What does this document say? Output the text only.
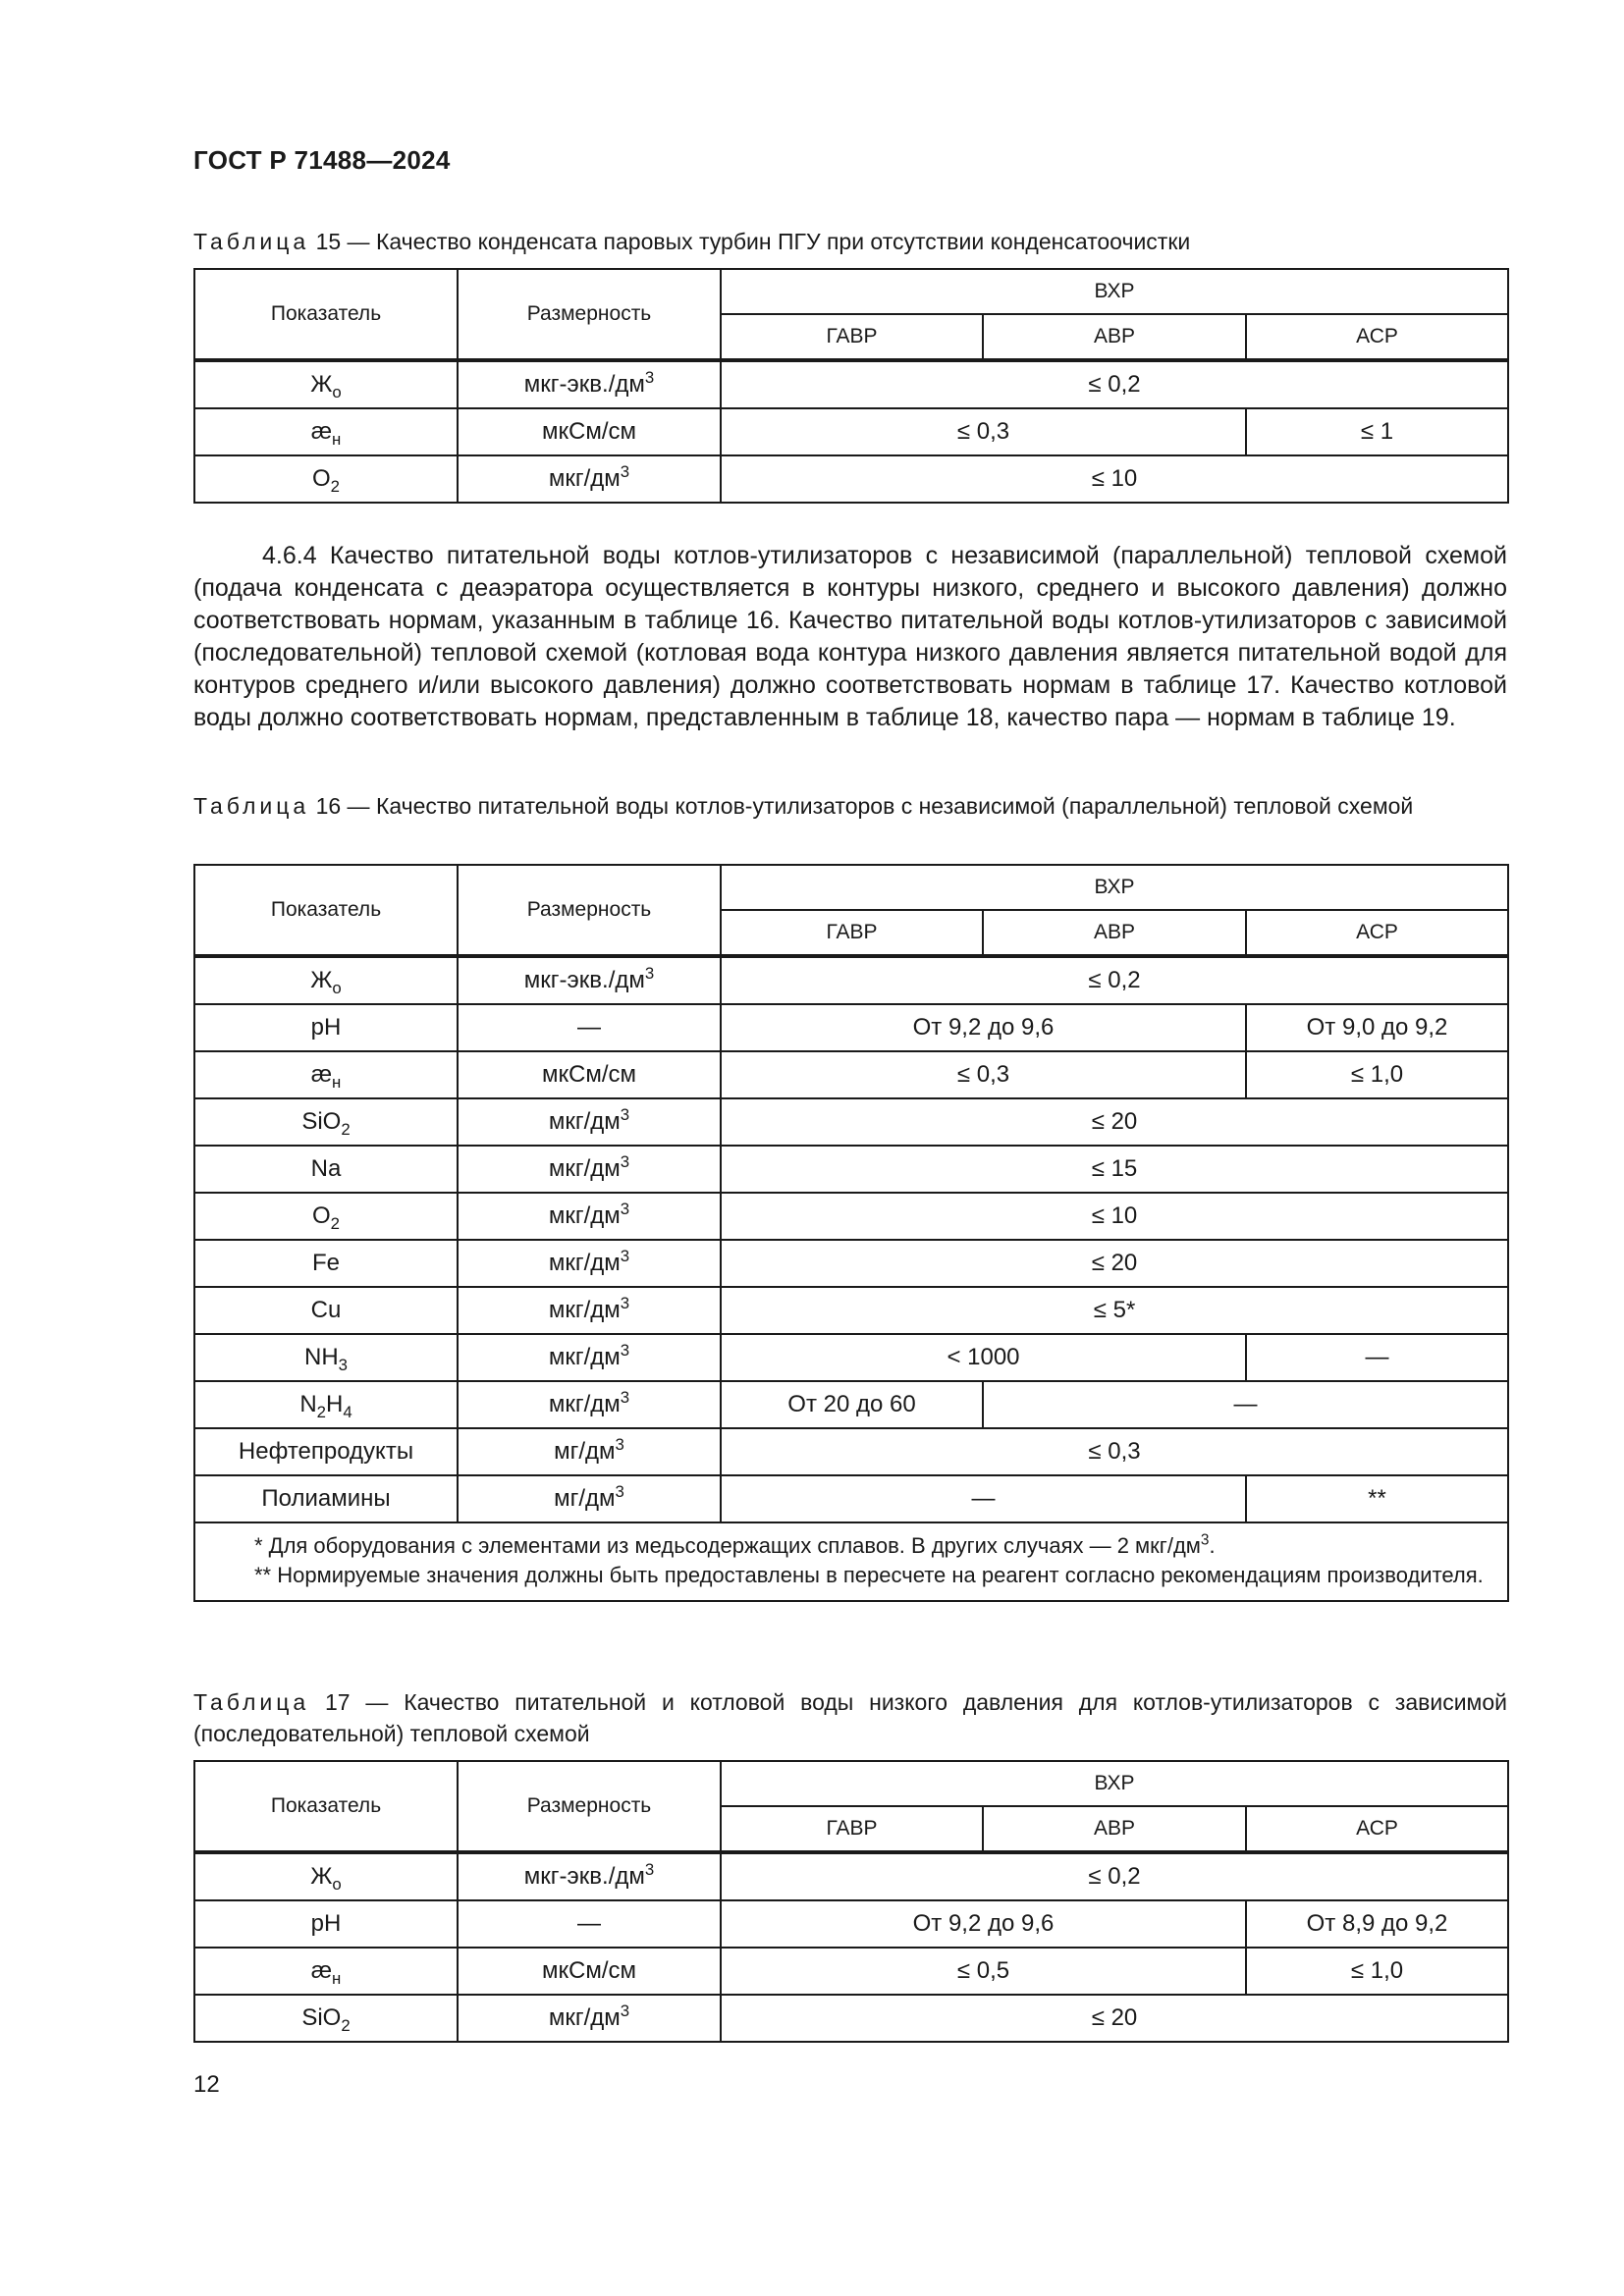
ГОСТ Р 71488—2024
Таблица 15 — Качество конденсата паровых турбин ПГУ при отсутствии конденсатоочистки
Показатель	Размерность	ВХР		
		ГАВР	АВР	АСР
$Ж_о$	мкг-$экв./дм^3$	≤ 0,2		
$æ_н$	мкСм/см	≤ 0,3		≤ 1
$O_2$	мкг/$дм^3$	≤ 10		
4.6.4 Качество питательной воды котлов-утилизаторов с независимой (параллельной) тепловой схемой (подача конденсата с деаэратора осуществляется в контуры низкого, среднего и высокого давления) должно соответствовать нормам, указанным в таблице 16. Качество питательной воды котлов-утилизаторов с зависимой (последовательной) тепловой схемой (котловая вода контура низкого давления является питательной водой для контуров среднего и/или высокого давления) должно соответствовать нормам в таблице 17. Качество котловой воды должно соответствовать нормам, представленным в таблице 18, качество пара — нормам в таблице 19.
Таблица 16 — Качество питательной воды котлов-утилизаторов с независимой (параллельной) тепловой схемой
Показатель	Размерность	ВХР		
		ГАВР	АВР	АСР
$Ж_о$	мкг-$экв./дм^3$	≤ 0,2		
pH	—	От 9,2 до 9,6		От 9,0 до 9,2
$æ_н$	мкСм/см	≤ 0,3		≤ 1,0
SiO$_2$	мкг/$дм^3$	≤ 20		
Na	мкг/$дм^3$	≤ 15		
$O_2$	мкг/$дм^3$	≤ 10		
Fe	мкг/$дм^3$	≤ 20		
Cu	мкг/$дм^3$	≤ 5*		
$NH_3$	мкг/$дм^3$	< 1000		—
$N_2H_4$	мкг/$дм^3$	От 20 до 60	—	
Нефтепродукты	$мг/дм^3$	≤ 0,3		
Полиамины	$мг/дм^3$	—		**

* Для оборудования с элементами из медьсодержащих сплавов. В других случаях — 2 мкг/$дм^3$.
** Нормируемые значения должны быть предоставлены в пересчете на реагент согласно рекомендациям производителя.				
Таблица 17 — Качество питательной и котловой воды низкого давления для котлов-утилизаторов с зависимой (последовательной) тепловой схемой
Показатель	Размерность	ВХР		
		ГАВР	АВР	АСР
$Ж_о$	мкг-$экв./дм^3$	≤ 0,2		
pH	—	От 9,2 до 9,6		От 8,9 до 9,2
$æ_н$	мкСм/см	≤ 0,5		≤ 1,0
SiO$_2$	мкг/$дм^3$	≤ 20		
12
